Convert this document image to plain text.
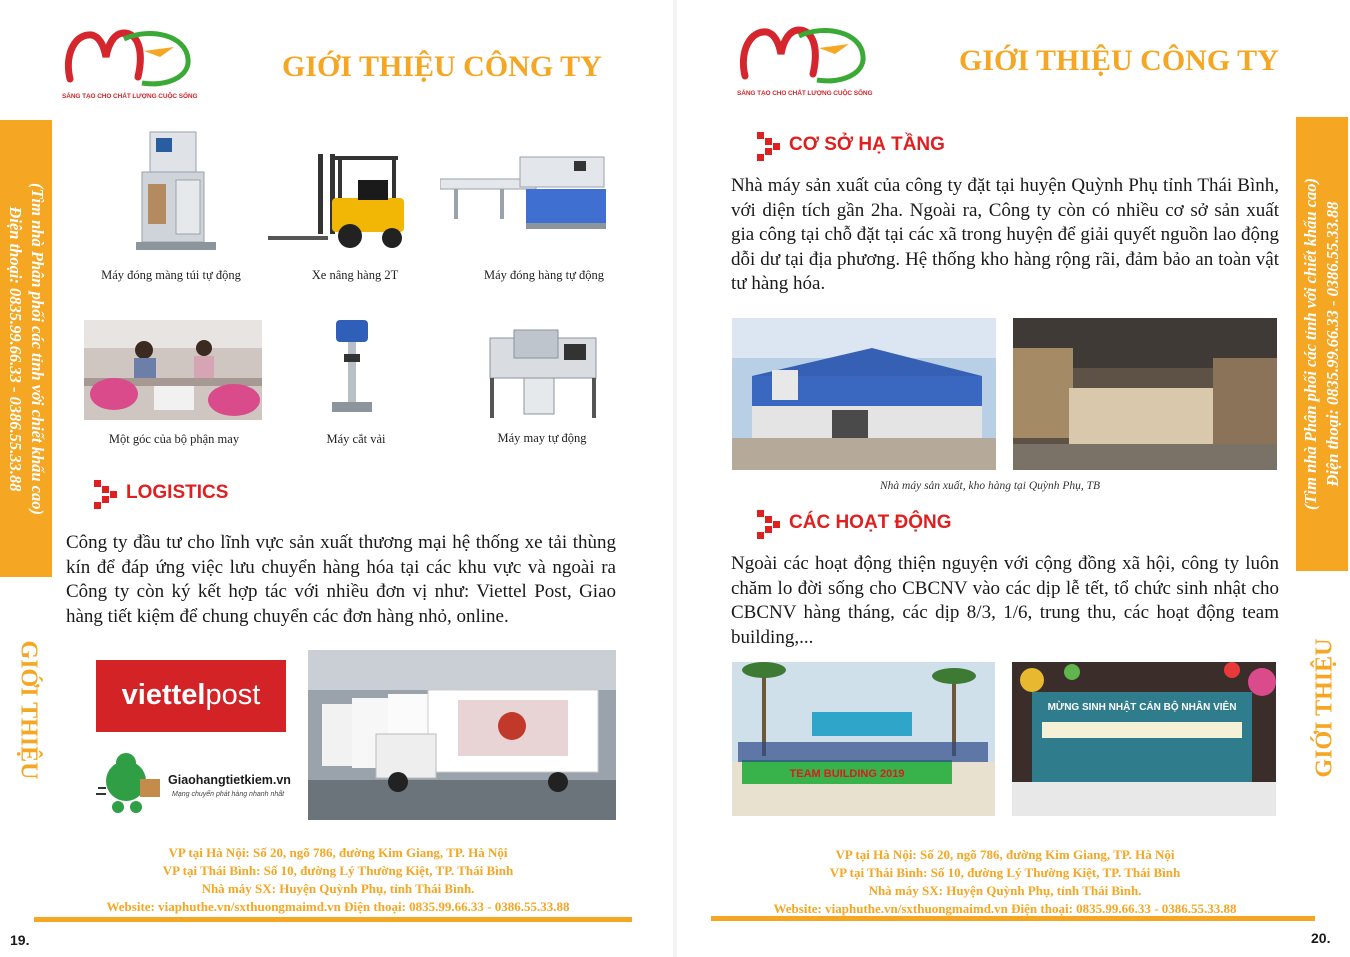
SÁNG TẠO CHO CHẤT LƯỢNG CUỘC SỐNG
GIỚI THIỆU CÔNG TY
(Tìm nhà Phân phối các tỉnh với chiết khấu cao)
Điện thoại: 0835.99.66.33 - 0386.55.33.88
GIỚI THIỆU
Máy đóng màng túi tự động	Xe nâng hàng 2T	Máy đóng hàng tự động
Một góc của bộ phận may	Máy cắt vải	Máy may tự động
LOGISTICS
Công ty đầu tư cho lĩnh vực sản xuất thương mại hệ thống xe tải thùng kín để đáp ứng việc lưu chuyển hàng hóa tại các khu vực và ngoài ra Công ty còn ký kết hợp tác với nhiều đơn vị như: Viettel Post, Giao hàng tiết kiệm để chung chuyển các đơn hàng nhỏ, online.
viettelpost
Giaohangtietkiem.vn
Mạng chuyển phát hàng nhanh nhất
VP tại Hà Nội: Số 20, ngõ 786, đường Kim Giang, TP. Hà Nội
VP tại Thái Bình: Số 10, đường Lý Thường Kiệt, TP. Thái Bình
Nhà máy SX: Huyện Quỳnh Phụ, tỉnh Thái Bình.
Website: viaphuthe.vn/sxthuongmaimd.vn Điện thoại: 0835.99.66.33 - 0386.55.33.88
19.
SÁNG TẠO CHO CHẤT LƯỢNG CUỘC SỐNG
GIỚI THIỆU CÔNG TY
(Tìm nhà Phân phối các tỉnh với chiết khấu cao) Điện thoại: 0835.99.66.33 - 0386.55.33.88
GIỚI THIỆU
CƠ SỞ HẠ TẦNG
Nhà máy sản xuất của công ty đặt tại huyện Quỳnh Phụ tỉnh Thái Bình, với diện tích gần 2ha. Ngoài ra, Công ty còn có nhiều cơ sở sản xuất gia công tại chỗ đặt tại các xã trong huyện để giải quyết nguồn lao động dỗi dư tại địa phương. Hệ thống kho hàng rộng rãi, đảm bảo an toàn vật tư hàng hóa.
Nhà máy sản xuất, kho hàng tại Quỳnh Phụ, TB
CÁC HOẠT ĐỘNG
Ngoài các hoạt động thiện nguyện với cộng đồng xã hội, công ty luôn chăm lo đời sống cho CBCNV vào các dịp lễ tết, tổ chức sinh nhật cho CBCNV hàng tháng, các dịp 8/3, 1/6, trung thu, các hoạt động team building,...
TEAM BUILDING 2019
MỪNG SINH NHẬT CÁN BỘ NHÂN VIÊN
VP tại Hà Nội: Số 20, ngõ 786, đường Kim Giang, TP. Hà Nội
VP tại Thái Bình: Số 10, đường Lý Thường Kiệt, TP. Thái Bình
Nhà máy SX: Huyện Quỳnh Phụ, tỉnh Thái Bình.
Website: viaphuthe.vn/sxthuongmaimd.vn Điện thoại: 0835.99.66.33 - 0386.55.33.88
20.
